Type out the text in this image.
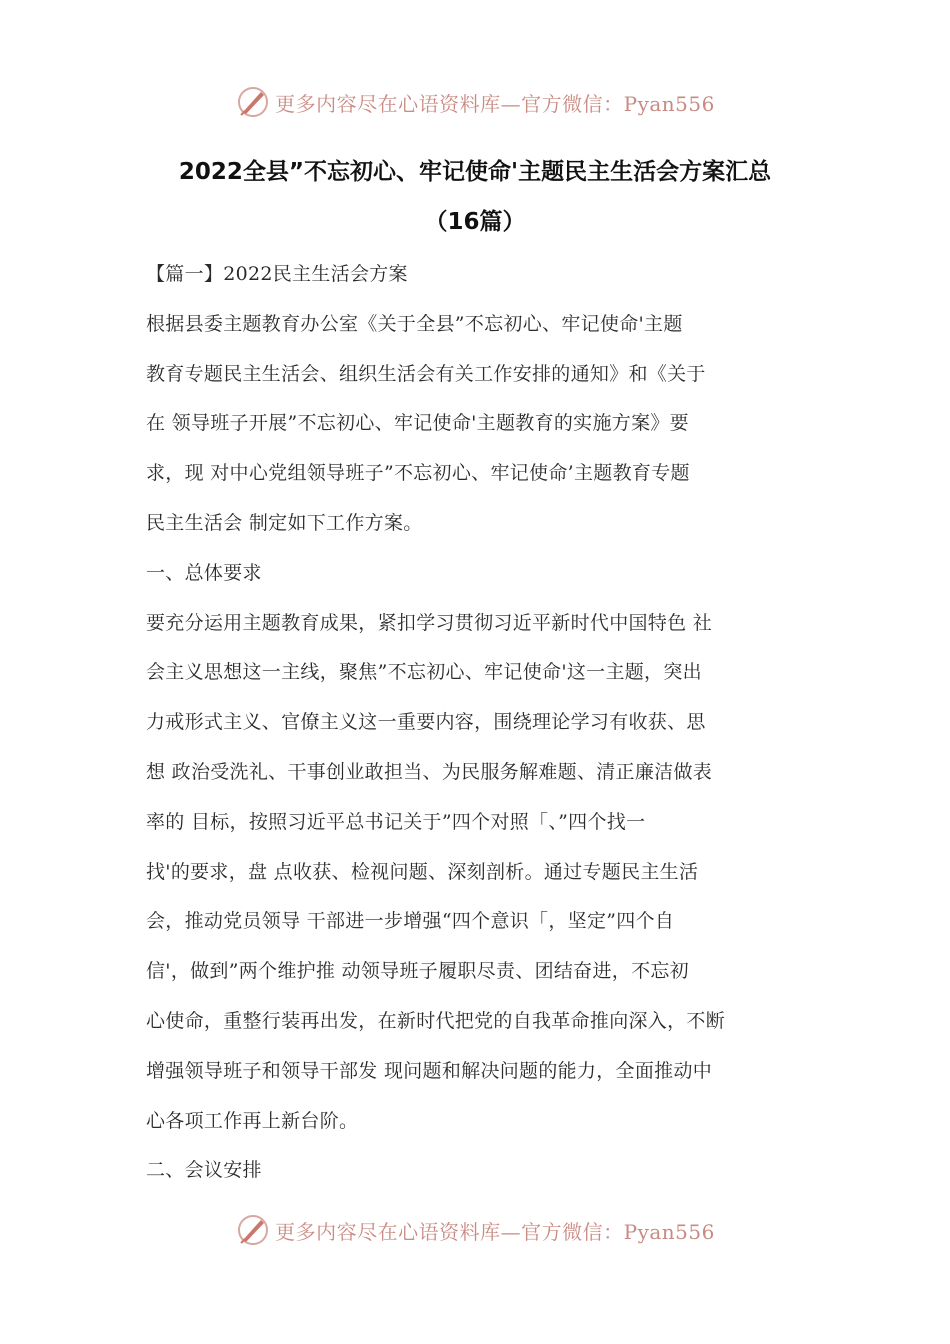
更多内容尽在心语资料库—官方微信：Pyan556
2022全县”不忘初心、牢记使命'主题民主生活会方案汇总
（16篇）

【篇一】2022民主生活会方案

根据县委主题教育办公室《关于全县”不忘初心、牢记使命'主题
教育专题民主生活会、组织生活会有关工作安排的通知》和《关于
在 领导班子开展”不忘初心、牢记使命'主题教育的实施方案》要
求，现 对中心党组领导班子”不忘初心、牢记使命’主题教育专题
民主生活会 制定如下工作方案。

一、总体要求

要充分运用主题教育成果，紧扣学习贯彻习近平新时代中国特色 社
会主义思想这一主线，聚焦”不忘初心、牢记使命'这一主题，突出
力戒形式主义、官僚主义这一重要内容，围绕理论学习有收获、思
想 政治受洗礼、干事创业敢担当、为民服务解难题、清正廉洁做表
率的 目标，按照习近平总书记关于”四个对照「、”四个找一
找'的要求，盘 点收获、检视问题、深刻剖析。通过专题民主生活
会，推动党员领导 干部进一步增强“四个意识「，坚定”四个自
信'，做到”两个维护推 动领导班子履职尽责、团结奋进，不忘初
心使命，重整行装再出发，在新时代把党的自我革命推向深入，不断
增强领导班子和领导干部发 现问题和解决问题的能力，全面推动中
心各项工作再上新台阶。

二、会议安排

更多内容尽在心语资料库—官方微信：Pyan556
